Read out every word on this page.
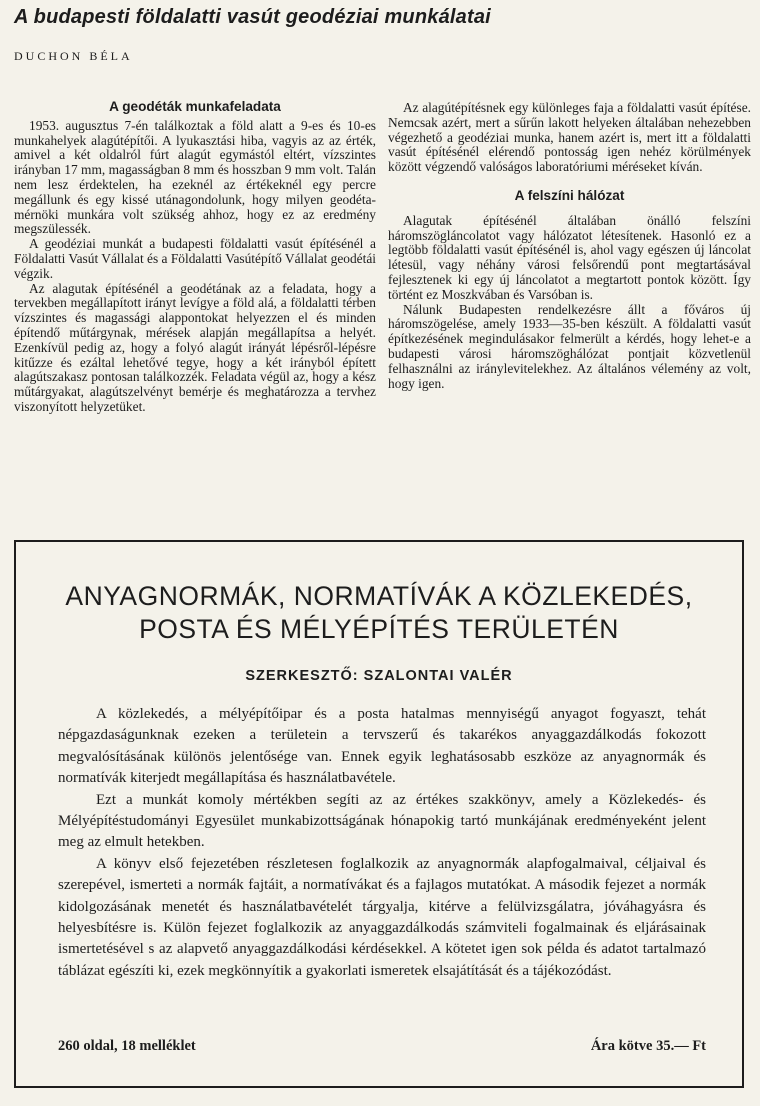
A budapesti földalatti vasút geodéziai munkálatai
DUCHON BÉLA
A geodéták munkafeladata

1953. augusztus 7-én találkoztak a föld alatt a 9-es és 10-es munkahelyek alagútépítői. A lyukasztási hiba, vagyis az az érték, amivel a két oldalról fúrt alagút egymástól eltért, vízszintes irányban 17 mm, magasságban 8 mm és hosszban 9 mm volt. Talán nem lesz érdektelen, ha ezeknél az értékeknél egy percre megállunk és egy kissé utánagondolunk, hogy milyen geodéta-mérnöki munkára volt szükség ahhoz, hogy ez az eredmény megszülessék.

A geodéziai munkát a budapesti földalatti vasút építésénél a Földalatti Vasút Vállalat és a Földalatti Vasútépítő Vállalat geodétái végzik.

Az alagutak építésénél a geodétának az a feladata, hogy a tervekben megállapított irányt levígye a föld alá, a földalatti térben vízszintes és magassági alappontokat helyezzen el és minden építendő műtárgynak, mérések alapján megállapítsa a helyét. Ezenkívül pedig az, hogy a folyó alagút irányát lépésről-lépésre kitűzze és ezáltal lehetővé tegye, hogy a két irányból épített alagútszakasz pontosan találkozzék. Feladata végül az, hogy a kész műtárgyakat, alagútszelvényt bemérje és meghatározza a tervhez viszonyított helyzetüket.

Az alagútépítésnek egy különleges faja a földalatti vasút építése. Nemcsak azért, mert a sűrűn lakott helyeken általában nehezebben végezhető a geodéziai munka, hanem azért is, mert itt a földalatti vasút építésénél elérendő pontosság igen nehéz körülmények között végzendő valóságos laboratóriumi méréseket kíván.

A felszíni hálózat

Alagutak építésénél általában önálló felszíni háromszögláncolatot vagy hálózatot létesítenek. Hasonló ez a legtöbb földalatti vasút építésénél is, ahol vagy egészen új láncolat létesül, vagy néhány városi felsőrendű pont megtartásával fejlesztenek ki egy új láncolatot a megtartott pontok között. Így történt ez Moszkvában és Varsóban is.

Nálunk Budapesten rendelkezésre állt a főváros új háromszögelése, amely 1933—35-ben készült. A földalatti vasút építkezésének megindulásakor felmerült a kérdés, hogy lehet-e a budapesti városi háromszöghálózat pontjait közvetlenül felhasználni az iránylevitelekhez. Az általános vélemény az volt, hogy igen.

ANYAGNORMÁK, NORMATÍVÁK A KÖZLEKEDÉS,
POSTA ÉS MÉLYÉPÍTÉS TERÜLETÉN
SZERKESZTŐ: SZALONTAI VALÉR

A közlekedés, a mélyépítőipar és a posta hatalmas mennyiségű anyagot fogyaszt, tehát népgazdaságunknak ezeken a területein a tervszerű és takarékos anyaggazdálkodás fokozott megvalósításának különös jelentősége van. Ennek egyik leghatásosabb eszköze az anyagnormák és normatívák kiterjedt megállapítása és használatbavétele.

Ezt a munkát komoly mértékben segíti az az értékes szakkönyv, amely a Közlekedés- és Mélyépítéstudományi Egyesület munkabizottságának hónapokig tartó munkájának eredményeként jelent meg az elmult hetekben.

A könyv első fejezetében részletesen foglalkozik az anyagnormák alapfogalmaival, céljaival és szerepével, ismerteti a normák fajtáit, a normatívákat és a fajlagos mutatókat. A második fejezet a normák kidolgozásának menetét és használatbavételét tárgyalja, kitérve a felülvizsgálatra, jóváhagyásra és helyesbítésre is. Külön fejezet foglalkozik az anyaggazdálkodás számviteli fogalmainak és eljárásainak ismertetésével s az alapvető anyaggazdálkodási kérdésekkel. A kötetet igen sok példa és adatot tartalmazó táblázat egészíti ki, ezek megkönnyítik a gyakorlati ismeretek elsajátítását és a tájékozódást.

260 oldal, 18 melléklet	Ára kötve 35.— Ft
